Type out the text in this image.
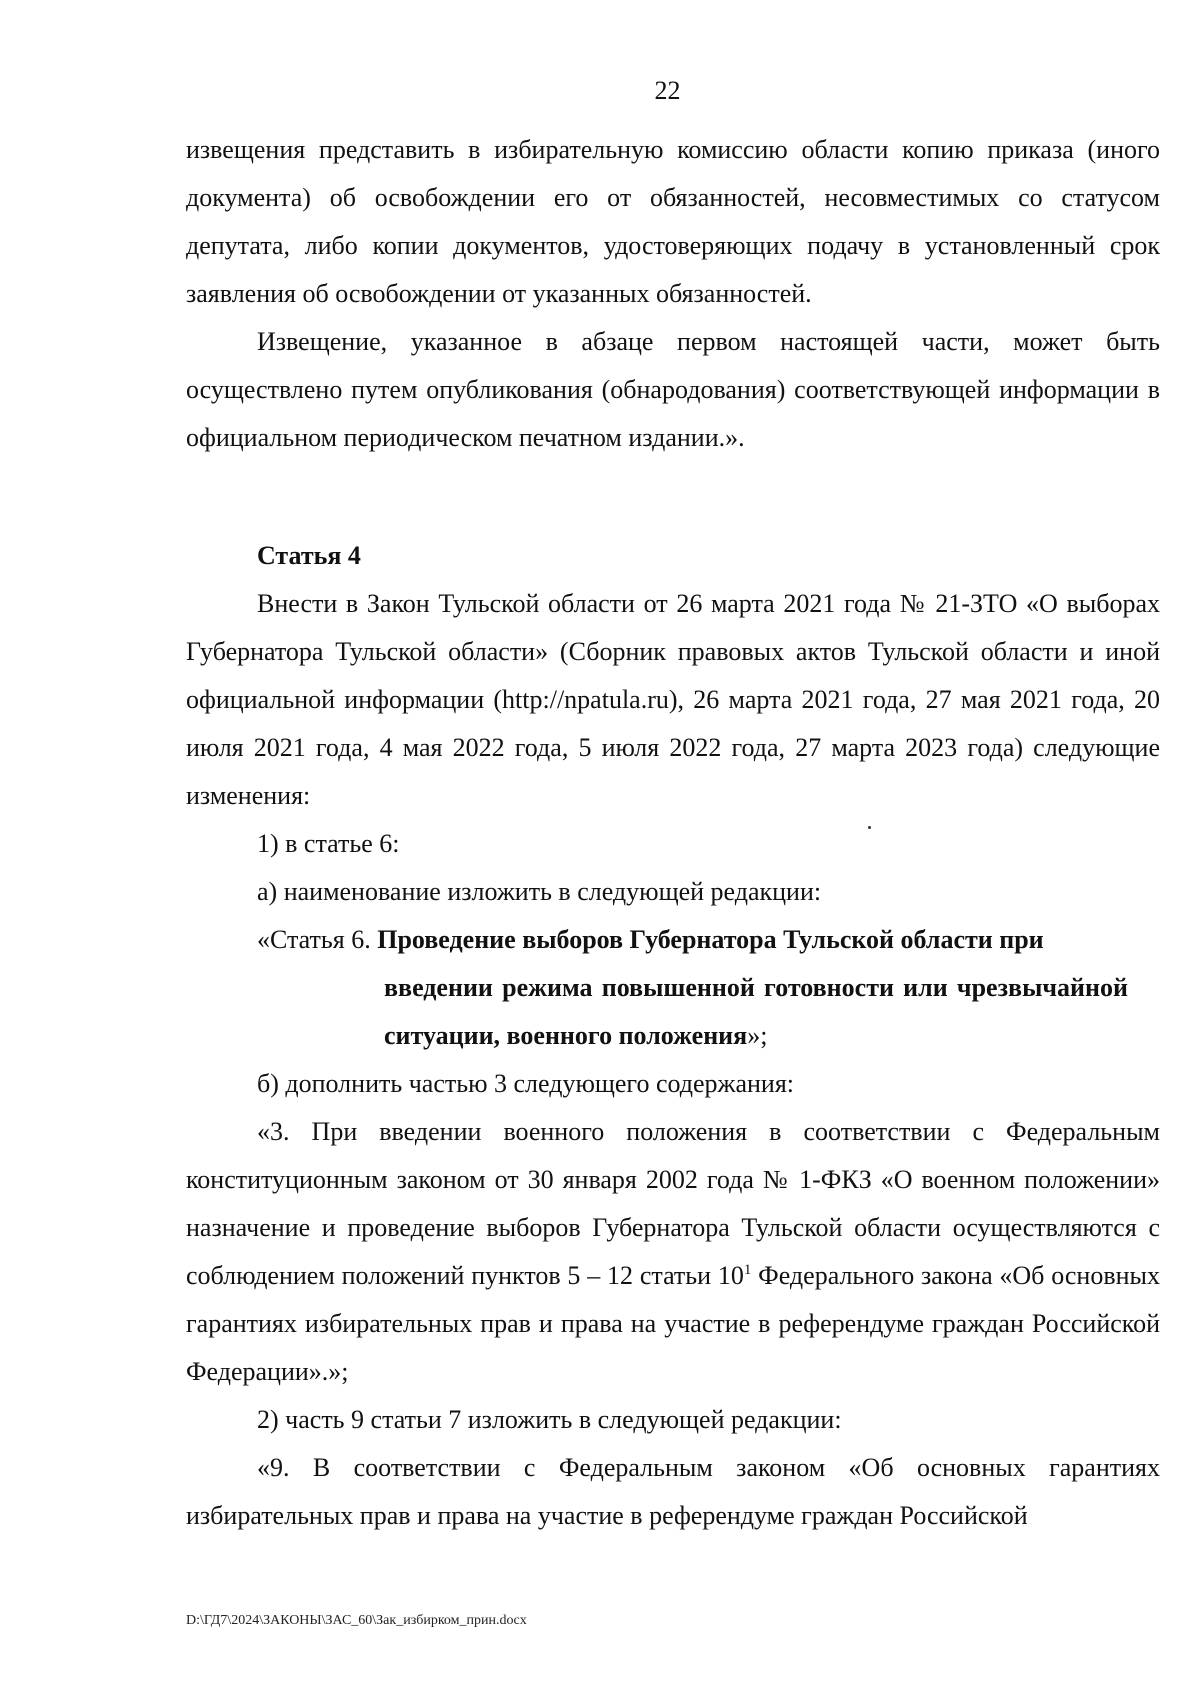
22

извещения представить в избирательную комиссию области копию приказа (иного документа) об освобождении его от обязанностей, несовместимых со статусом депутата, либо копии документов, удостоверяющих подачу в установленный срок заявления об освобождении от указанных обязанностей.

Извещение, указанное в абзаце первом настоящей части, может быть осуществлено путем опубликования (обнародования) соответствующей информации в официальном периодическом печатном издании.».

Статья 4

Внести в Закон Тульской области от 26 марта 2021 года № 21-ЗТО «О выборах Губернатора Тульской области» (Сборник правовых актов Тульской области и иной официальной информации (http://npatula.ru), 26 марта 2021 года, 27 мая 2021 года, 20 июля 2021 года, 4 мая 2022 года, 5 июля 2022 года, 27 марта 2023 года) следующие изменения:

1) в статье 6:

а) наименование изложить в следующей редакции:

«Статья 6. Проведение выборов Губернатора Тульской области при

введении режима повышенной готовности или чрезвычайной ситуации, военного положения»;

б) дополнить частью 3 следующего содержания:

«3. При введении военного положения в соответствии с Федеральным конституционным законом от 30 января 2002 года № 1-ФКЗ «О военном положении» назначение и проведение выборов Губернатора Тульской области осуществляются с соблюдением положений пунктов 5 – 12 статьи $10^1$ Федерального закона «Об основных гарантиях избирательных прав и права на участие в референдуме граждан Российской Федерации».»;

2) часть 9 статьи 7 изложить в следующей редакции:

«9. В соответствии с Федеральным законом «Об основных гарантиях избирательных прав и права на участие в референдуме граждан Российской

D:\ГД7\2024\ЗАКОНЫ\ЗАС_60\Зак_избирком_прин.docx
